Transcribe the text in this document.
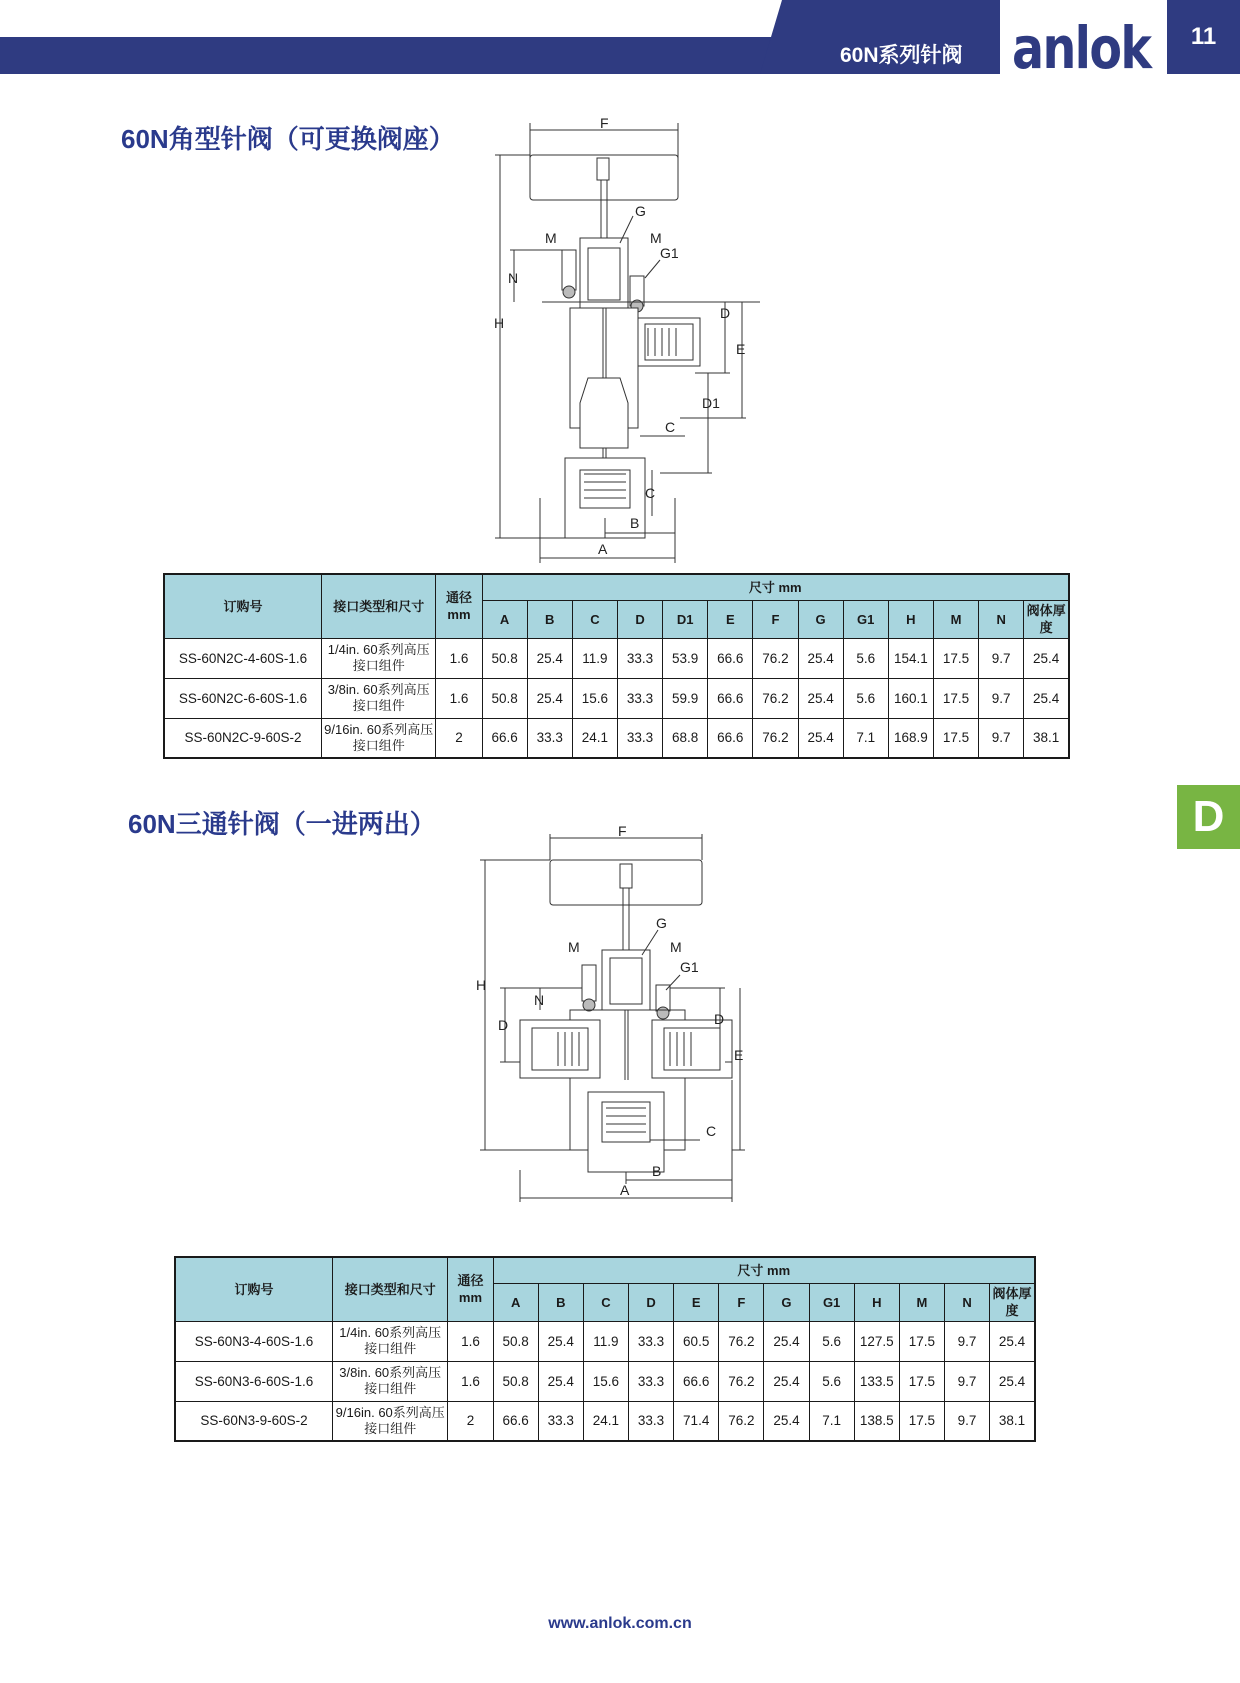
60N系列针阀 anlok	11
D
60N角型针阀（可更换阀座）
F
G
M	M
G1
N
H
D
E
D1
C
C
B
A
订购号	接口类型和尺寸	通径 mm	尺寸 mm												
			A	B	C	D	D1	E	F	G	G1	H	M	N	阀体厚度
SS-60N2C-4-60S-1.6	1/4in. 60系列高压接口组件	1.6	50.8	25.4	11.9	33.3	53.9	66.6	76.2	25.4	5.6	154.1	17.5	9.7	25.4
SS-60N2C-6-60S-1.6	3/8in. 60系列高压接口组件	1.6	50.8	25.4	15.6	33.3	59.9	66.6	76.2	25.4	5.6	160.1	17.5	9.7	25.4
SS-60N2C-9-60S-2	9/16in. 60系列高压接口组件	2	66.6	33.3	24.1	33.3	68.8	66.6	76.2	25.4	7.1	168.9	17.5	9.7	38.1
60N三通针阀（一进两出）	F
G
M	M
G1
H
N
D	D
E
C
B
A
订购号	接口类型和尺寸	通径 mm	尺寸 mm											
			A	B	C	D	E	F	G	G1	H	M	N	阀体厚度
SS-60N3-4-60S-1.6	1/4in. 60系列高压接口组件	1.6	50.8	25.4	11.9	33.3	60.5	76.2	25.4	5.6	127.5	17.5	9.7	25.4
SS-60N3-6-60S-1.6	3/8in. 60系列高压接口组件	1.6	50.8	25.4	15.6	33.3	66.6	76.2	25.4	5.6	133.5	17.5	9.7	25.4
SS-60N3-9-60S-2	9/16in. 60系列高压接口组件	2	66.6	33.3	24.1	33.3	71.4	76.2	25.4	7.1	138.5	17.5	9.7	38.1
www.anlok.com.cn
